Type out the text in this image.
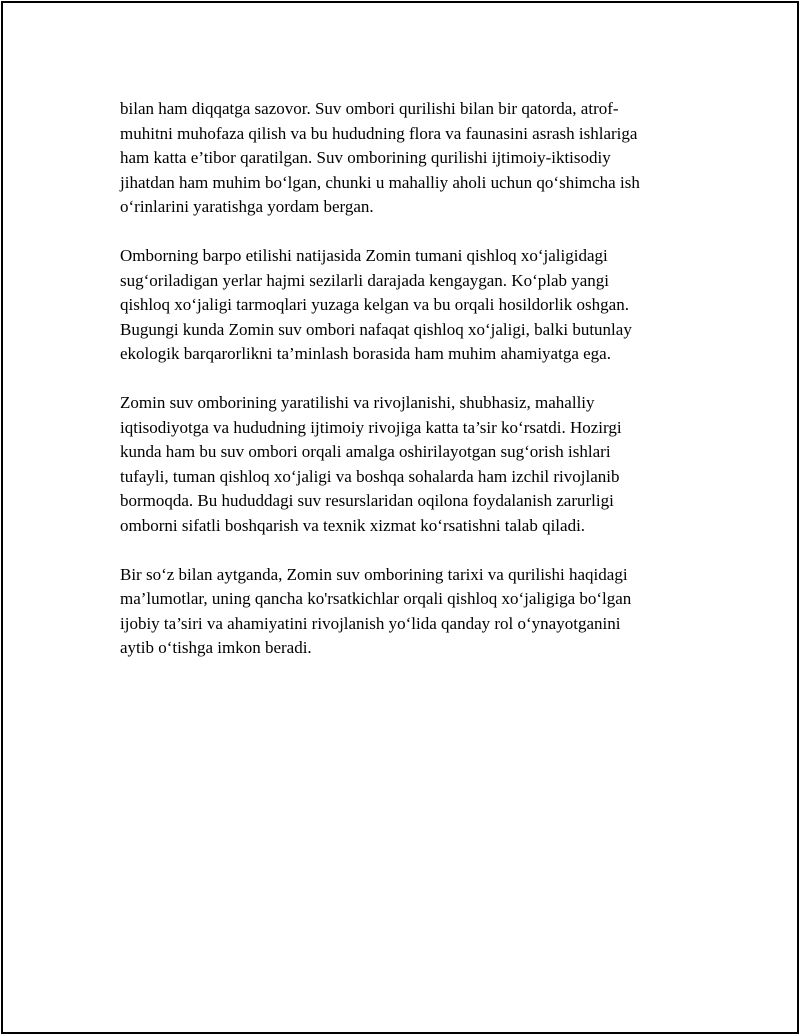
bilan ham diqqatga sazovor. Suv ombori qurilishi bilan bir qatorda, atrof-
muhitni muhofaza qilish va bu hududning flora va faunasini asrash ishlariga
ham katta e’tibor qaratilgan. Suv omborining qurilishi ijtimoiy-iktisodiy
jihatdan ham muhim bo‘lgan, chunki u mahalliy aholi uchun qo‘shimcha ish
o‘rinlarini yaratishga yordam bergan.

Omborning barpo etilishi natijasida Zomin tumani qishloq xo‘jaligidagi
sug‘oriladigan yerlar hajmi sezilarli darajada kengaygan. Ko‘plab yangi
qishloq xo‘jaligi tarmoqlari yuzaga kelgan va bu orqali hosildorlik oshgan.
Bugungi kunda Zomin suv ombori nafaqat qishloq xo‘jaligi, balki butunlay
ekologik barqarorlikni ta’minlash borasida ham muhim ahamiyatga ega.

Zomin suv omborining yaratilishi va rivojlanishi, shubhasiz, mahalliy
iqtisodiyotga va hududning ijtimoiy rivojiga katta ta’sir ko‘rsatdi. Hozirgi
kunda ham bu suv ombori orqali amalga oshirilayotgan sug‘orish ishlari
tufayli, tuman qishloq xo‘jaligi va boshqa sohalarda ham izchil rivojlanib
bormoqda. Bu hududdagi suv resurslaridan oqilona foydalanish zarurligi
omborni sifatli boshqarish va texnik xizmat ko‘rsatishni talab qiladi.

Bir so‘z bilan aytganda, Zomin suv omborining tarixi va qurilishi haqidagi
ma’lumotlar, uning qancha ko'rsatkichlar orqali qishloq xo‘jaligiga bo‘lgan
ijobiy ta’siri va ahamiyatini rivojlanish yo‘lida qanday rol o‘ynayotganini
aytib o‘tishga imkon beradi.
